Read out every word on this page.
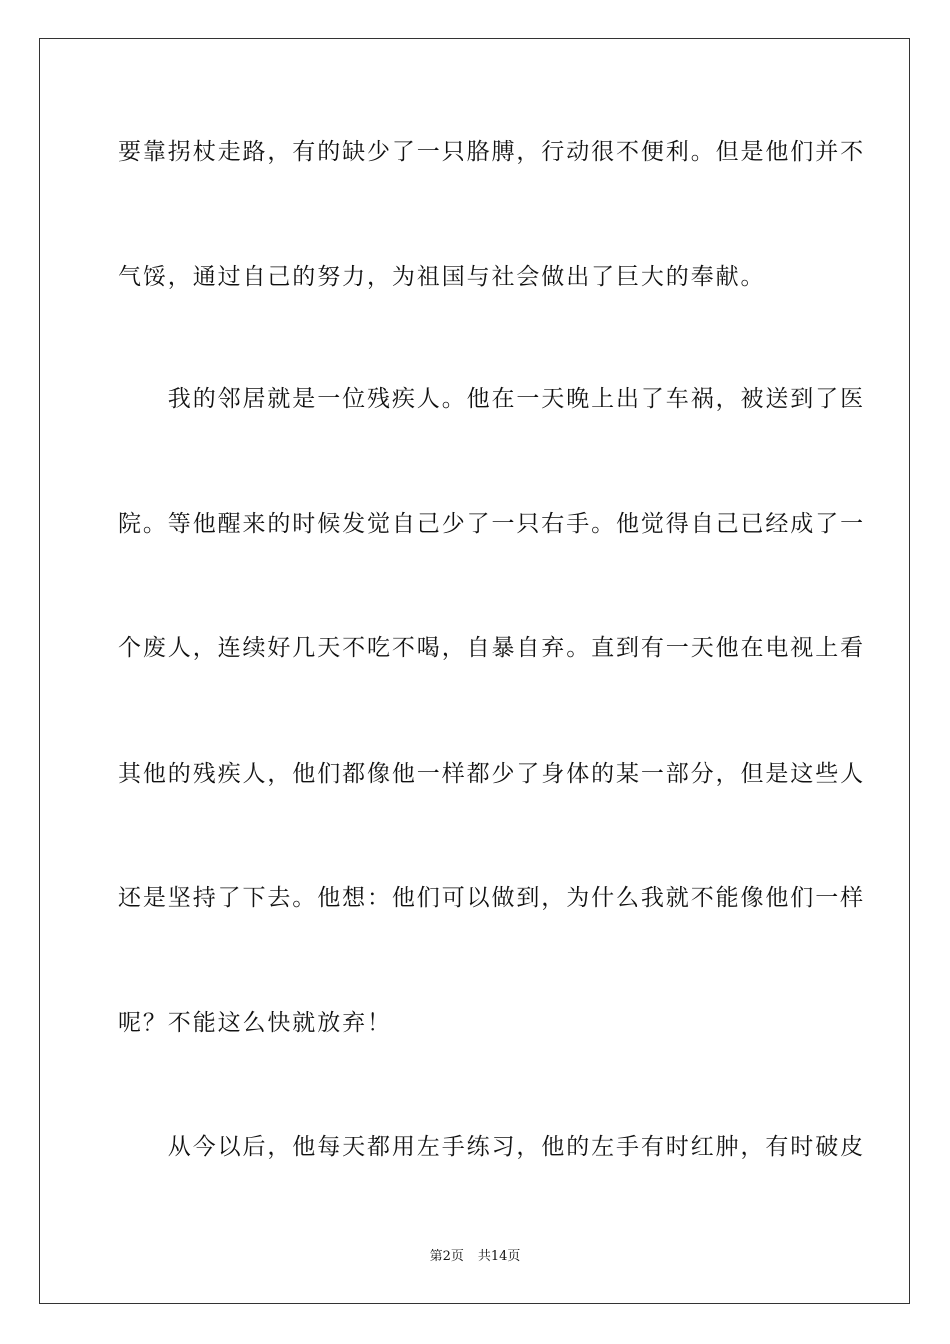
要靠拐杖走路，有的缺少了一只胳膊，行动很不便利。但是他们并不
气馁，通过自己的努力，为祖国与社会做出了巨大的奉献。
　　我的邻居就是一位残疾人。他在一天晚上出了车祸，被送到了医
院。等他醒来的时候发觉自己少了一只右手。他觉得自己已经成了一
个废人，连续好几天不吃不喝，自暴自弃。直到有一天他在电视上看
其他的残疾人，他们都像他一样都少了身体的某一部分，但是这些人
还是坚持了下去。他想：他们可以做到，为什么我就不能像他们一样
呢？不能这么快就放弃！
　　从今以后，他每天都用左手练习，他的左手有时红肿，有时破皮
第2页 共14页
